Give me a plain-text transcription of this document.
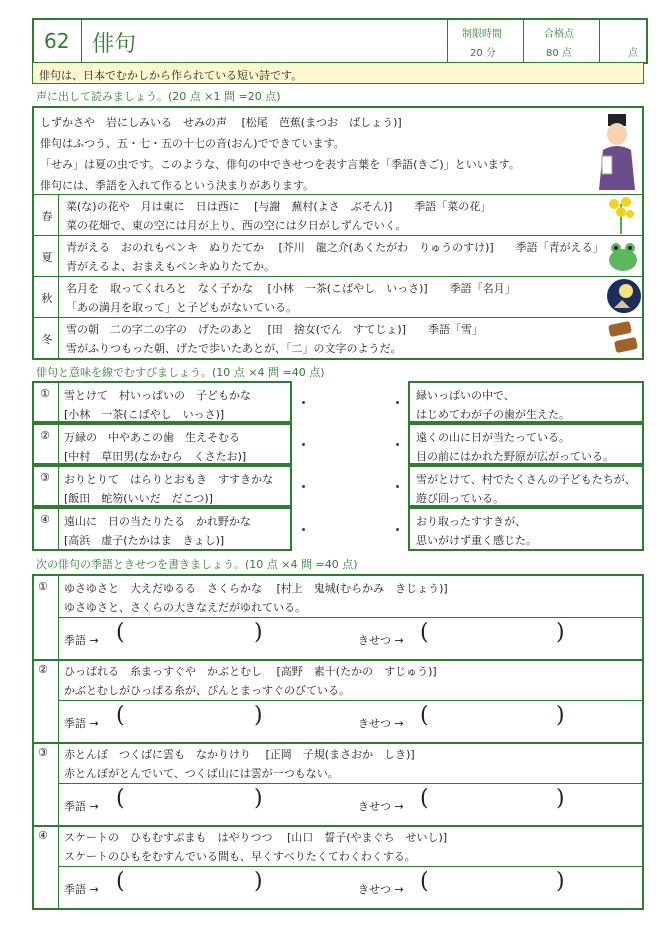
62 俳句	制限時間
20 分
合格点
80 点	点
俳句は、日本でむかしから作られている短い詩です。
声に出して読みましょう。(20 点 ×1 問 =20 点)
しずかさや　岩にしみいる　せみの声　 [松尾　芭蕉(まつお　ばしょう)]
俳句はふつう、五・七・五の十七の音(おん)でできています。
「せみ」は夏の虫です。このような、俳句の中できせつを表す言葉を「季語(きご)」といいます。
俳句には、季語を入れて作るという決まりがあります。
春
菜(な)の花や　月は東に　日は西に　 [与謝　蕪村(よさ　ぶそん)]　　季語「菜の花」
菜の花畑で、東の空には月が上り、西の空には夕日がしずんでいく。
夏
青がえる　おのれもペンキ　ぬりたてか　 [芥川　龍之介(あくたがわ　りゅうのすけ)]　　季語「青がえる」
青がえるよ、おまえもペンキぬりたてか。
秋
名月を　取ってくれろと　なく子かな　 [小林　一茶(こばやし　いっさ)]　　季語「名月」
「あの満月を取って」と子どもがないている。
冬
雪の朝　二の字二の字の　げたのあと　 [田　捨女(でん　すてじょ)]　　季語「雪」
雪がふりつもった朝、げたで歩いたあとが、「二」の文字のようだ。
俳句と意味を線でむすびましょう。(10 点 ×4 問 =40 点)
① 雪とけて　村いっぱいの　子どもかな
[小林　一茶(こばやし　いっさ)]
② 万緑の　中やあこの歯　生えそむる
[中村　草田男(なかむら　くさたお)]
③ おりとりて　はらりとおもき　すすきかな
[飯田　蛇笏(いいだ　だこつ)]
④ 遠山に　日の当たりたる　かれ野かな
[高浜　虚子(たかはま　きょし)]
緑いっぱいの中で、
はじめてわが子の歯が生えた。
遠くの山に日が当たっている。
目の前にはかれた野原が広がっている。
雪がとけて、村でたくさんの子どもたちが、
遊び回っている。
おり取ったすすきが、
思いがけず重く感じた。
次の俳句の季語ときせつを書きましょう。(10 点 ×4 問 =40 点)
① ゆさゆさと　大えだゆるる　さくらかな　 [村上　鬼城(むらかみ　きじょう)]
ゆさゆさと、さくらの大きなえだがゆれている。
季語 → (	)	きせつ → (	)
② ひっぱれる　糸まっすぐや　かぶとむし　 [高野　素十(たかの　すじゅう)]
かぶとむしがひっぱる糸が、ぴんとまっすぐのびている。
季語 → (	)	きせつ → (	)
③ 赤とんぼ　つくばに雲も　なかりけり　 [正岡　子規(まさおか　しき)]
赤とんぼがとんでいて、つくば山には雲が一つもない。
季語 → (	)	きせつ → (	)
④ スケートの　ひもむすぶまも　はやりつつ　 [山口　誓子(やまぐち　せいし)]
スケートのひもをむすんでいる間も、早くすべりたくてわくわくする。
季語 → (	)	きせつ → (	)
